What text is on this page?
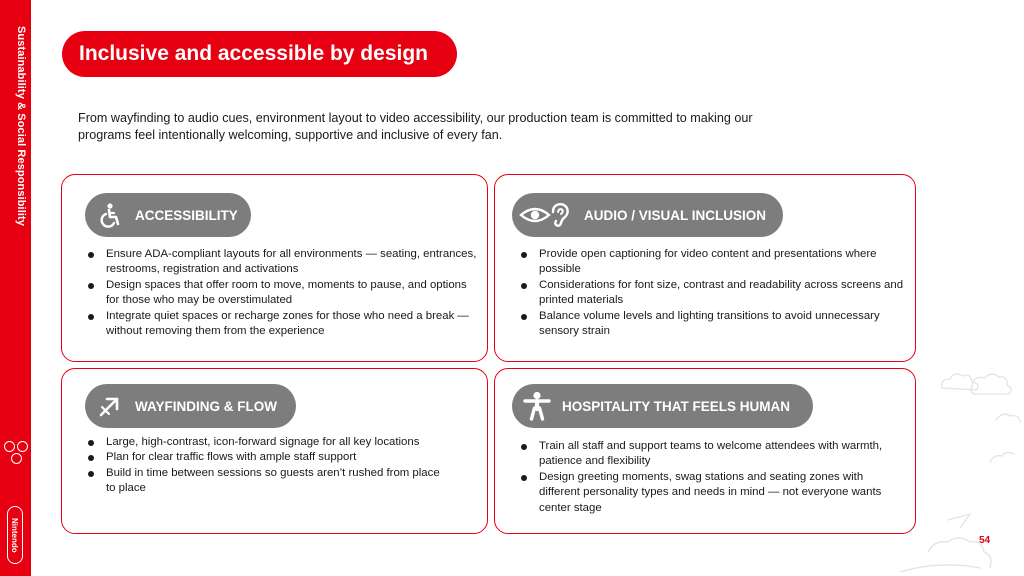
Sustainability & Social Responsibility
Nintendo
Inclusive and accessible by design

From wayfinding to audio cues, environment layout to video accessibility, our production team is committed to making our programs feel intentionally welcoming, supportive and inclusive of every fan.

ACCESSIBILITY
Ensure ADA-compliant layouts for all environments — seating, entrances, restrooms, registration and activations
Design spaces that offer room to move, moments to pause, and options for those who may be overstimulated
Integrate quiet spaces or recharge zones for those who need a break — without removing them from the experience
AUDIO / VISUAL INCLUSION
Provide open captioning for video content and presentations where possible
Considerations for font size, contrast and readability across screens and printed materials
Balance volume levels and lighting transitions to avoid unnecessary sensory strain
WAYFINDING & FLOW
Large, high-contrast, icon-forward signage for all key locations
Plan for clear traffic flows with ample staff support
Build in time between sessions so guests aren’t rushed from place to place
HOSPITALITY THAT FEELS HUMAN
Train all staff and support teams to welcome attendees with warmth, patience and flexibility
Design greeting moments, swag stations and seating zones with different personality types and needs in mind — not everyone wants center stage
54
